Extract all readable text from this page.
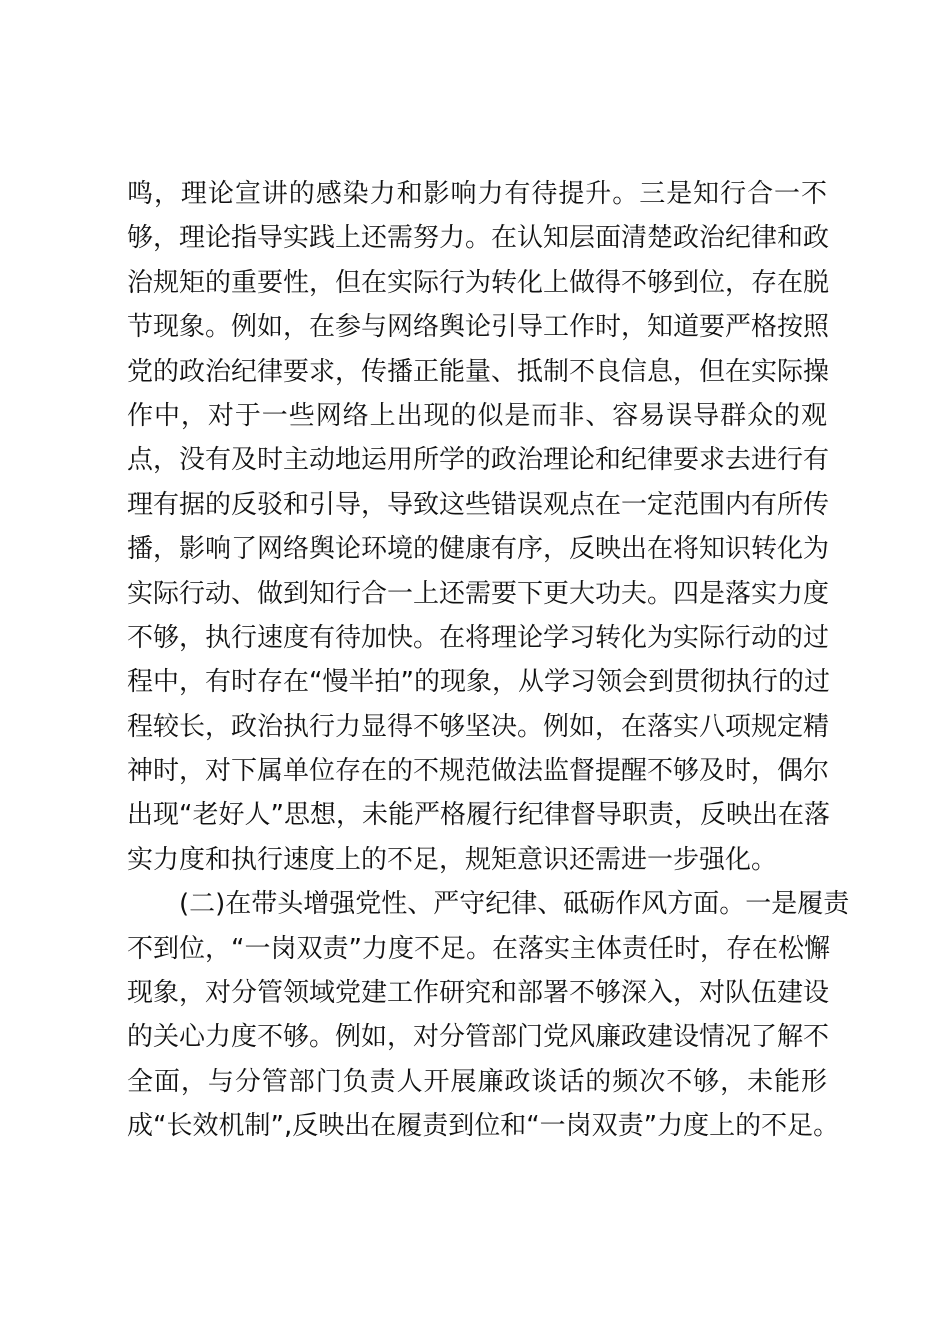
鸣，理论宣讲的感染力和影响力有待提升。三是知行合一不
够，理论指导实践上还需努力。在认知层面清楚政治纪律和政
治规矩的重要性，但在实际行为转化上做得不够到位，存在脱
节现象。例如，在参与网络舆论引导工作时，知道要严格按照
党的政治纪律要求，传播正能量、抵制不良信息，但在实际操
作中，对于一些网络上出现的似是而非、容易误导群众的观
点，没有及时主动地运用所学的政治理论和纪律要求去进行有
理有据的反驳和引导，导致这些错误观点在一定范围内有所传
播，影响了网络舆论环境的健康有序，反映出在将知识转化为
实际行动、做到知行合一上还需要下更大功夫。四是落实力度
不够，执行速度有待加快。在将理论学习转化为实际行动的过
程中，有时存在“慢半拍”的现象，从学习领会到贯彻执行的过
程较长，政治执行力显得不够坚决。例如，在落实八项规定精
神时，对下属单位存在的不规范做法监督提醒不够及时，偶尔
出现“老好人”思想，未能严格履行纪律督导职责，反映出在落
实力度和执行速度上的不足，规矩意识还需进一步强化。
(二)在带头增强党性、严守纪律、砥砺作风方面。一是履责
不到位，“一岗双责”力度不足。在落实主体责任时，存在松懈
现象，对分管领域党建工作研究和部署不够深入，对队伍建设
的关心力度不够。例如，对分管部门党风廉政建设情况了解不
全面，与分管部门负责人开展廉政谈话的频次不够，未能形
成“长效机制”,反映出在履责到位和“一岗双责”力度上的不足。
